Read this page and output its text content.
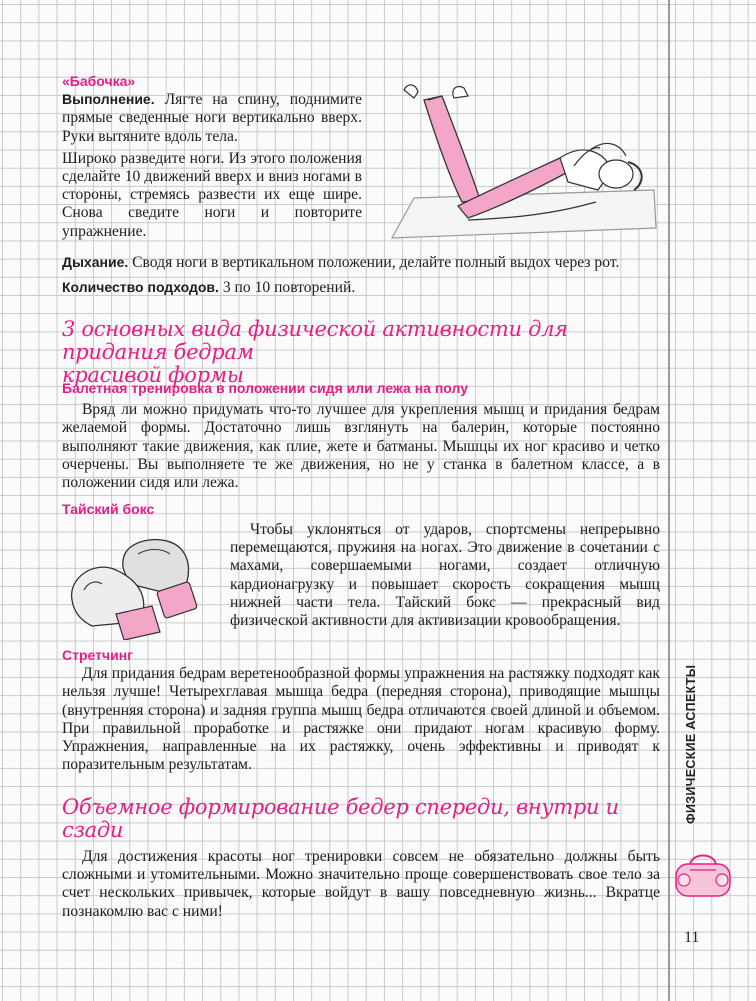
«Бабочка»

Выполнение. Лягте на спину, поднимите прямые сведенные ноги вертикально вверх. Руки вытяните вдоль тела.

Широко разведите ноги. Из этого положения сделайте 10 движений вверх и вниз ногами в стороны, стремясь развести их еще шире. Снова сведите ноги и повторите упражнение.

Дыхание. Сводя ноги в вертикальном положении, делайте полный выдох через рот.

Количество подходов. 3 по 10 повторений.

3 основных вида физической активности для придания бедрам

красивой формы

Балетная тренировка в положении сидя или лежа на полу

Вряд ли можно придумать что-то лучшее для укрепления мышц и придания бедрам желаемой формы. Достаточно лишь взглянуть на балерин, которые постоянно выполняют такие движения, как плие, жете и батманы. Мышцы их ног красиво и четко очерчены. Вы выполняете те же движения, но не у станка в балетном классе, а в положении сидя или лежа.

Тайский бокс

Чтобы уклоняться от ударов, спортсмены непрерывно перемещаются, пружиня на ногах. Это движение в сочетании с махами, совершаемыми ногами, создает отличную кардионагрузку и повышает скорость сокращения мышц нижней части тела. Тайский бокс — прекрасный вид физической активности для активизации кровообращения.

Стретчинг

Для придания бедрам веретенообразной формы упражнения на растяжку подходят как нельзя лучше! Четырехглавая мышца бедра (передняя сторона), приводящие мышцы (внутренняя сторона) и задняя группа мышц бедра отличаются своей длиной и объемом. При правильной проработке и растяжке они придают ногам красивую форму. Упражнения, направленные на их растяжку, очень эффективны и приводят к поразительным результатам.

Объемное формирование бедер спереди, внутри и сзади

Для достижения красоты ног тренировки совсем не обязательно должны быть сложными и утомительными. Можно значительно проще совершенствовать свое тело за счет нескольких привычек, которые войдут в вашу повседневную жизнь... Вкратце познакомлю вас с ними!

ФИЗИЧЕСКИЕ АСПЕКТЫ
11
